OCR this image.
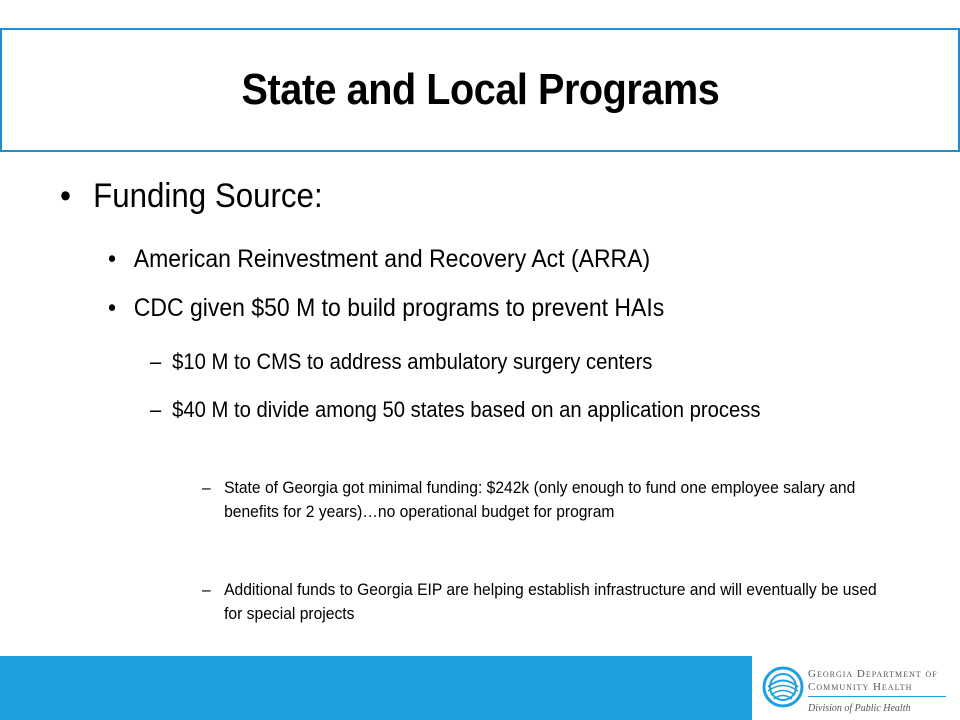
State and Local Programs
• Funding Source:
• American Reinvestment and Recovery Act (ARRA)
• CDC given $50 M to build programs to prevent HAIs
– $10 M to CMS to address ambulatory surgery centers
– $40 M to divide among 50 states based on an application process
– State of Georgia got minimal funding: $242k (only enough to fund one employee salary and benefits for 2 years)…no operational budget for program
– Additional funds to Georgia EIP are helping establish infrastructure and will eventually be used for special projects
Georgia Department of
Community Health
Division of Public Health
